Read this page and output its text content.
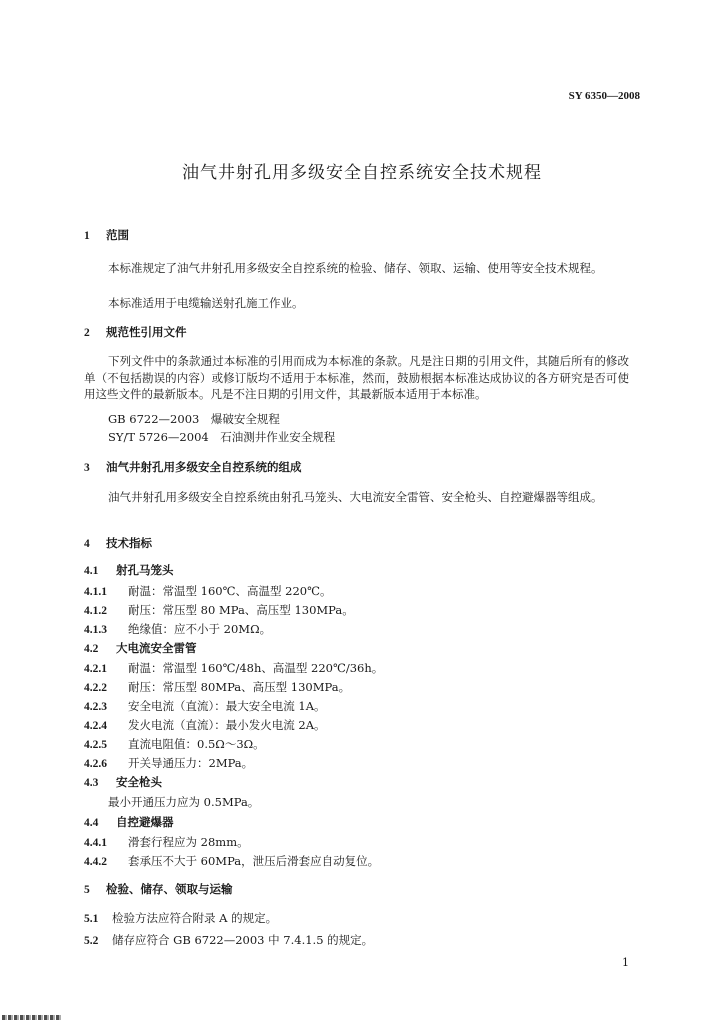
SY 6350—2008
油气井射孔用多级安全自控系统安全技术规程
1 范围
本标准规定了油气井射孔用多级安全自控系统的检验、储存、领取、运输、使用等安全技术规程。
本标准适用于电缆输送射孔施工作业。
2 规范性引用文件
下列文件中的条款通过本标准的引用而成为本标准的条款。凡是注日期的引用文件，其随后所有的修改单（不包括勘误的内容）或修订版均不适用于本标准，然而，鼓励根据本标准达成协议的各方研究是否可使用这些文件的最新版本。凡是不注日期的引用文件，其最新版本适用于本标准。
GB 6722—2003　爆破安全规程
SY/T 5726—2004　石油测井作业安全规程
3 油气井射孔用多级安全自控系统的组成
油气井射孔用多级安全自控系统由射孔马笼头、大电流安全雷管、安全枪头、自控避爆器等组成。
4 技术指标
4.1 射孔马笼头
4.1.1 耐温：常温型 160℃、高温型 220℃。
4.1.2 耐压：常压型 80 MPa、高压型 130MPa。
4.1.3 绝缘值：应不小于 20MΩ。
4.2 大电流安全雷管
4.2.1 耐温：常温型 160℃/48h、高温型 220℃/36h。
4.2.2 耐压：常压型 80MPa、高压型 130MPa。
4.2.3 安全电流（直流）：最大安全电流 1A。
4.2.4 发火电流（直流）：最小发火电流 2A。
4.2.5 直流电阻值：0.5Ω～3Ω。
4.2.6 开关导通压力：2MPa。
4.3 安全枪头
最小开通压力应为 0.5MPa。
4.4 自控避爆器
4.4.1 滑套行程应为 28mm。
4.4.2 套承压不大于 60MPa，泄压后滑套应自动复位。
5 检验、储存、领取与运输
5.1 检验方法应符合附录 A 的规定。
5.2 储存应符合 GB 6722—2003 中 7.4.1.5 的规定。
1
